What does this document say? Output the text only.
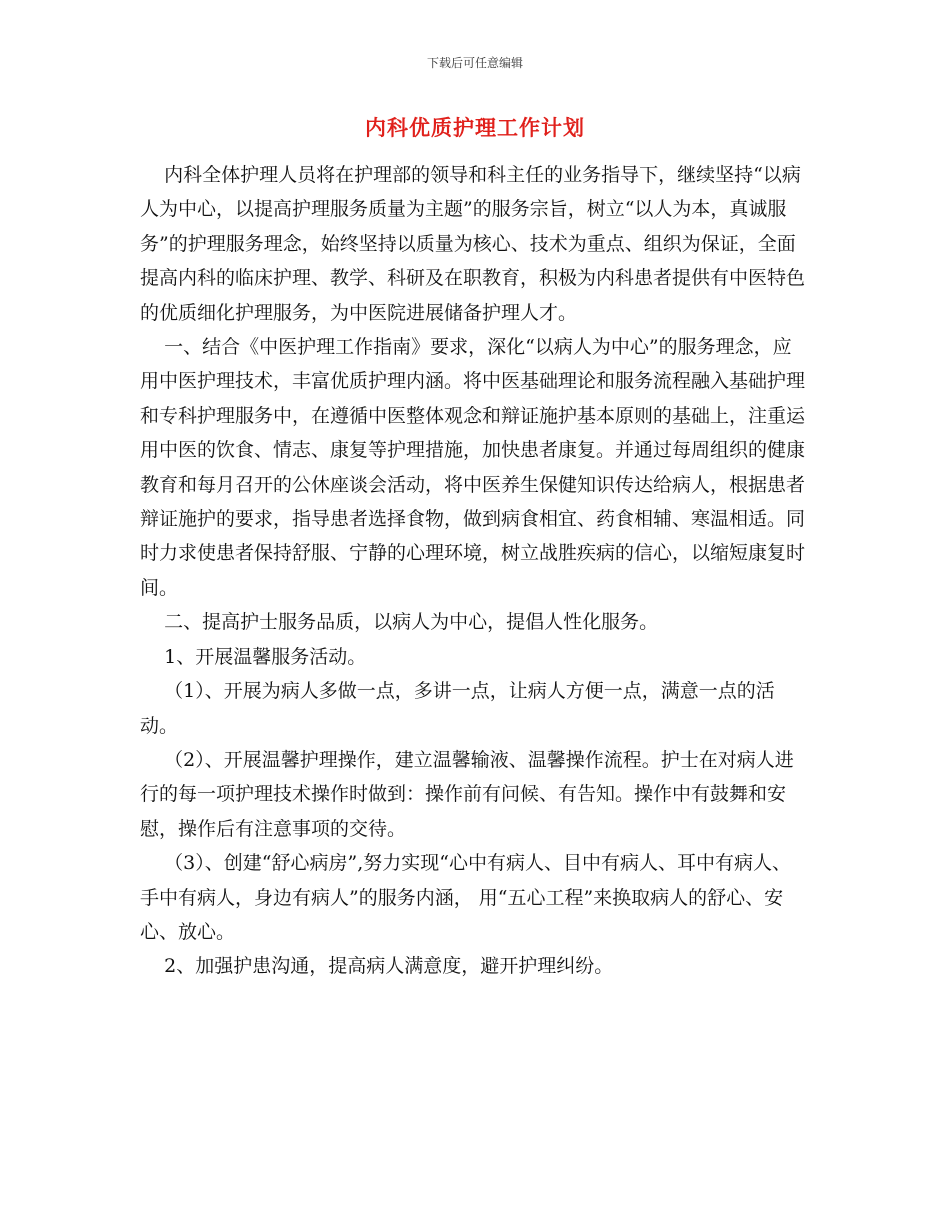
下载后可任意编辑
内科优质护理工作计划

内科全体护理人员将在护理部的领导和科主任的业务指导下，继续坚持“以病人为中心，以提高护理服务质量为主题”的服务宗旨，树立“以人为本，真诚服务”的护理服务理念，始终坚持以质量为核心、技术为重点、组织为保证，全面提高内科的临床护理、教学、科研及在职教育，积极为内科患者提供有中医特色的优质细化护理服务，为中医院进展储备护理人才。

一、结合《中医护理工作指南》要求，深化“以病人为中心”的服务理念，应用中医护理技术，丰富优质护理内涵。将中医基础理论和服务流程融入基础护理和专科护理服务中，在遵循中医整体观念和辩证施护基本原则的基础上，注重运用中医的饮食、情志、康复等护理措施，加快患者康复。并通过每周组织的健康教育和每月召开的公休座谈会活动，将中医养生保健知识传达给病人，根据患者辩证施护的要求，指导患者选择食物，做到病食相宜、药食相辅、寒温相适。同时力求使患者保持舒服、宁静的心理环境，树立战胜疾病的信心，以缩短康复时间。

二、提高护士服务品质，以病人为中心，提倡人性化服务。

1、开展温馨服务活动。

（1）、开展为病人多做一点，多讲一点，让病人方便一点，满意一点的活动。

（2）、开展温馨护理操作，建立温馨输液、温馨操作流程。护士在对病人进行的每一项护理技术操作时做到：操作前有问候、有告知。操作中有鼓舞和安慰，操作后有注意事项的交待。

（3）、创建“舒心病房”,努力实现“心中有病人、目中有病人、耳中有病人、手中有病人，身边有病人”的服务内涵， 用“五心工程”来换取病人的舒心、安心、放心。

2、加强护患沟通，提高病人满意度，避开护理纠纷。
